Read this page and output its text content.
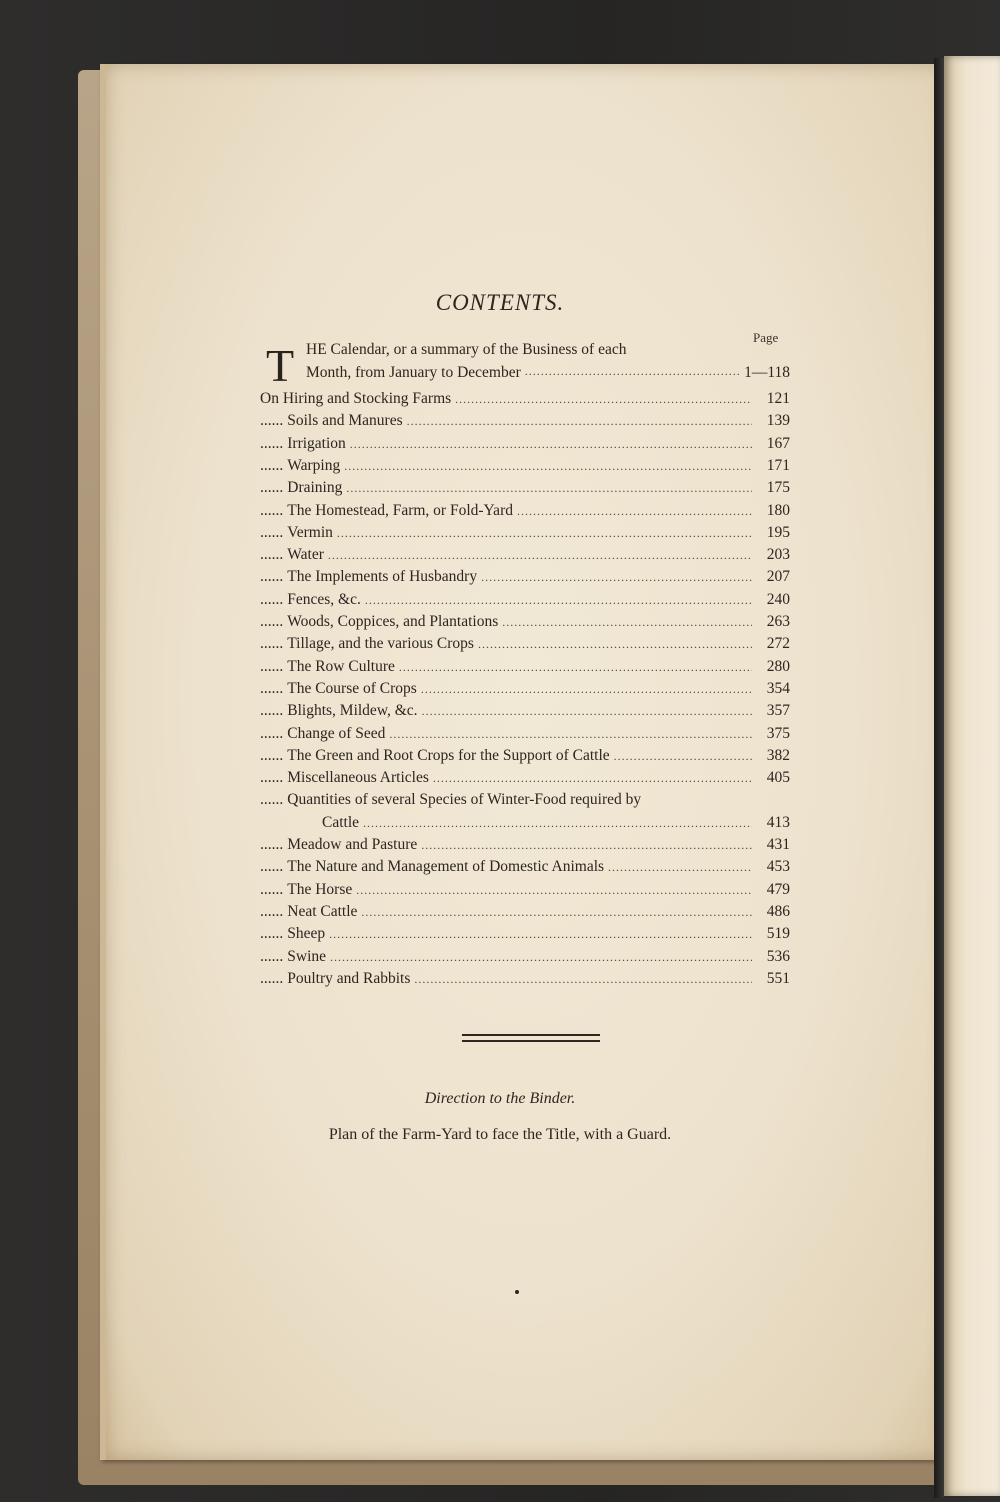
CONTENTS.
Page
T HE Calendar, or a summary of the Business of each
Month, from January to December .....	1—118
On Hiring and Stocking Farms .....	121
...... Soils and Manures .....	139
...... Irrigation .....	167
...... Warping .....	171
...... Draining .....	175
...... The Homestead, Farm, or Fold-Yard .....	180
...... Vermin .....	195
...... Water .....	203
...... The Implements of Husbandry .....	207
...... Fences, &c. .....	240
...... Woods, Coppices, and Plantations .....	263
...... Tillage, and the various Crops .....	272
...... The Row Culture .....	280
...... The Course of Crops .....	354
...... Blights, Mildew, &c. .....	357
...... Change of Seed .....	375
...... The Green and Root Crops for the Support of Cattle .....	382
...... Miscellaneous Articles .....	405
...... Quantities of several Species of Winter-Food required by
Cattle .....	413
...... Meadow and Pasture .....	431
...... The Nature and Management of Domestic Animals .....	453
...... The Horse .....	479
...... Neat Cattle .....	486
...... Sheep .....	519
...... Swine .....	536
...... Poultry and Rabbits .....	551
Direction to the Binder.
Plan of the Farm-Yard to face the Title, with a Guard.
